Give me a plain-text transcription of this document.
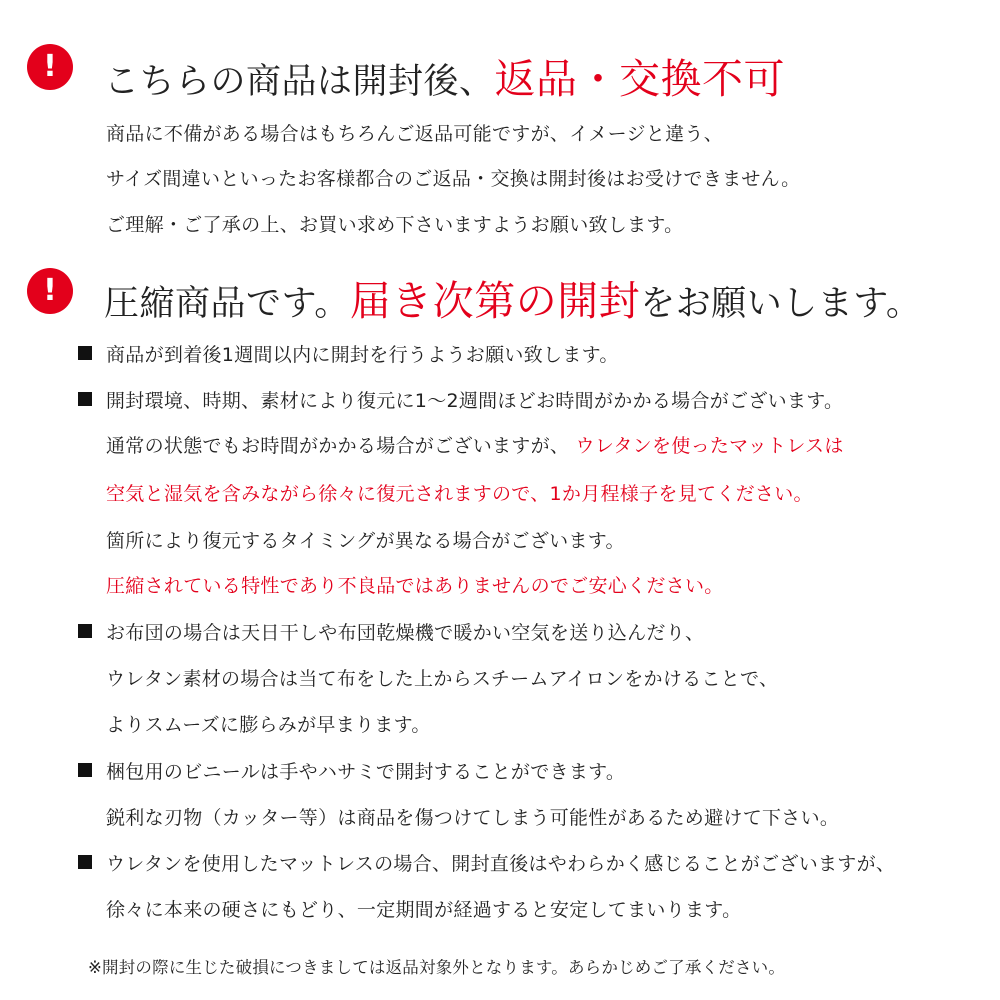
!	こちらの商品は開封後、返品・交換不可
商品に不備がある場合はもちろんご返品可能ですが、イメージと違う、
サイズ間違いといったお客様都合のご返品・交換は開封後はお受けできません。
ご理解・ご了承の上、お買い求め下さいますようお願い致します。
!	圧縮商品です。届き次第の開封をお願いします。
商品が到着後1週間以内に開封を行うようお願い致します。
開封環境、時期、素材により復元に1〜2週間ほどお時間がかかる場合がございます。
通常の状態でもお時間がかかる場合がございますが、 ウレタンを使ったマットレスは
空気と湿気を含みながら徐々に復元されますので、1か月程様子を見てください。
箇所により復元するタイミングが異なる場合がございます。
圧縮されている特性であり不良品ではありませんのでご安心ください。
お布団の場合は天日干しや布団乾燥機で暖かい空気を送り込んだり、
ウレタン素材の場合は当て布をした上からスチームアイロンをかけることで、
よりスムーズに膨らみが早まります。
梱包用のビニールは手やハサミで開封することができます。
鋭利な刃物（カッター等）は商品を傷つけてしまう可能性があるため避けて下さい。
ウレタンを使用したマットレスの場合、開封直後はやわらかく感じることがございますが、
徐々に本来の硬さにもどり、一定期間が経過すると安定してまいります。
※開封の際に生じた破損につきましては返品対象外となります。あらかじめご了承ください。
